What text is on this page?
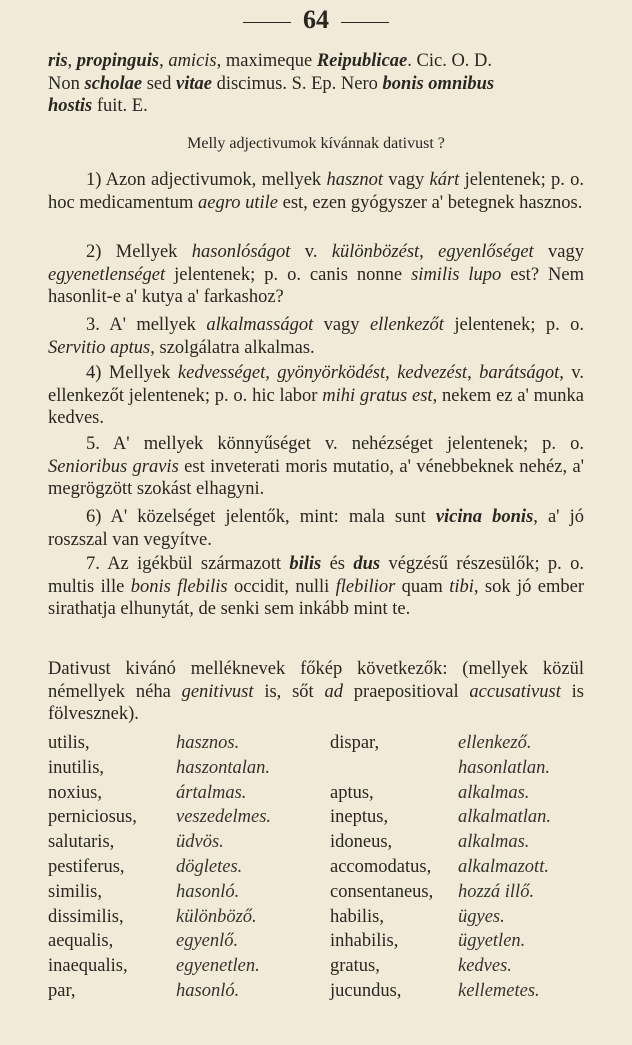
64

ris, propinguis, amicis, maximeque Reipublicae. Cic. O. D.
Non scholae sed vitae discimus. S. Ep. Nero bonis omnibus
hostis fuit. E.

Melly adjectivumok kívánnak dativust ?

1) Azon adjectivumok, mellyek hasznot vagy kárt jelentenek; p. o. hoc medicamentum aegro utile est, ezen gyógyszer a' betegnek hasznos.

2) Mellyek hasonlóságot v. különbözést, egyenlőséget vagy egyenetlenséget jelentenek; p. o. canis nonne similis lupo est? Nem hasonlit-e a' kutya a' farkashoz?

3. A' mellyek alkalmasságot vagy ellenkezőt jelentenek; p. o. Servitio aptus, szolgálatra alkalmas.

4) Mellyek kedvességet, gyönyörködést, kedvezést, barátságot, v. ellenkezőt jelentenek; p. o. hic labor mihi gratus est, nekem ez a' munka kedves.

5. A' mellyek könnyűséget v. nehézséget jelentenek; p. o. Senioribus gravis est inveterati moris mutatio, a' vénebbeknek nehéz, a' megrögzött szokást elhagyni.

6) A' közelséget jelentők, mint: mala sunt vicina bonis, a' jó roszszal van vegyítve.

7. Az igékbül származott bilis és dus végzésű részesülők; p. o. multis ille bonis flebilis occidit, nulli flebilior quam tibi, sok jó ember sirathatja elhunytát, de senki sem inkább mint te.

Dativust kivánó melléknevek főkép következők: (mellyek közül némellyek néha genitivust is, sőt ad praepositioval accusativust is fölvesznek).

utilis,	hasznos.	dispar,	ellenkező.
inutilis,	haszontalan.		hasonlatlan.
noxius,	ártalmas.	aptus,	alkalmas.
perniciosus,	veszedelmes.	ineptus,	alkalmatlan.
salutaris,	üdvös.	idoneus,	alkalmas.
pestiferus,	dögletes.	accomodatus,	alkalmazott.
similis,	hasonló.	consentaneus,	hozzá illő.
dissimilis,	különböző.	habilis,	ügyes.
aequalis,	egyenlő.	inhabilis,	ügyetlen.
inaequalis,	egyenetlen.	gratus,	kedves.
par,	hasonló.	jucundus,	kellemetes.
